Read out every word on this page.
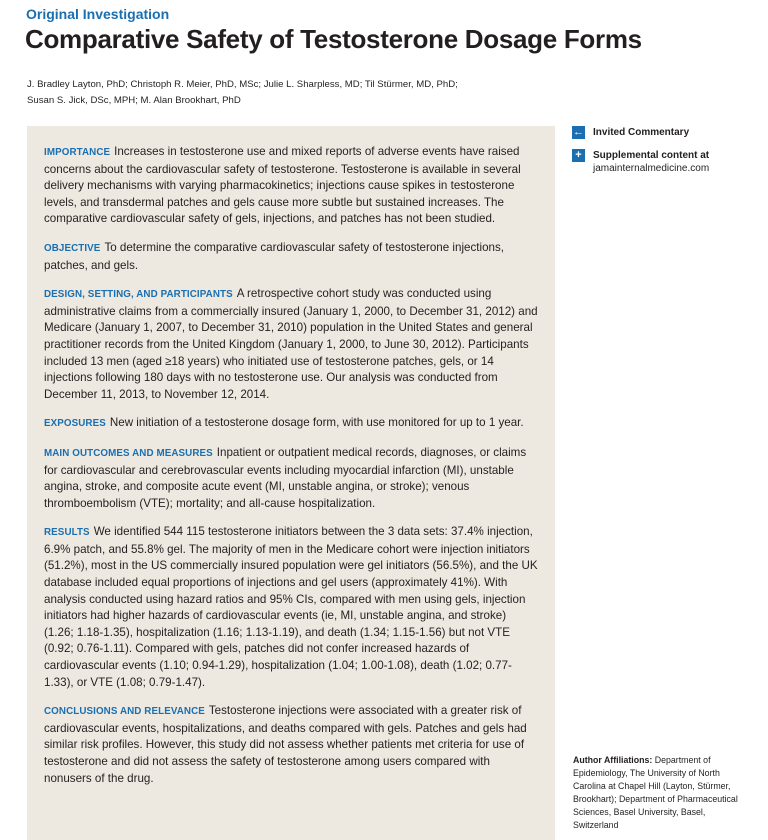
Original Investigation
Comparative Safety of Testosterone Dosage Forms
J. Bradley Layton, PhD; Christoph R. Meier, PhD, MSc; Julie L. Sharpless, MD; Til Stürmer, MD, PhD;
Susan S. Jick, DSc, MPH; M. Alan Brookhart, PhD

IMPORTANCE Increases in testosterone use and mixed reports of adverse events have raised concerns about the cardiovascular safety of testosterone. Testosterone is available in several delivery mechanisms with varying pharmacokinetics; injections cause spikes in testosterone levels, and transdermal patches and gels cause more subtle but sustained increases. The comparative cardiovascular safety of gels, injections, and patches has not been studied.

OBJECTIVE To determine the comparative cardiovascular safety of testosterone injections, patches, and gels.

DESIGN, SETTING, AND PARTICIPANTS A retrospective cohort study was conducted using administrative claims from a commercially insured (January 1, 2000, to December 31, 2012) and Medicare (January 1, 2007, to December 31, 2010) population in the United States and general practitioner records from the United Kingdom (January 1, 2000, to June 30, 2012). Participants included 13 men (aged ≥18 years) who initiated use of testosterone patches, gels, or 14 injections following 180 days with no testosterone use. Our analysis was conducted from December 11, 2013, to November 12, 2014.

EXPOSURES New initiation of a testosterone dosage form, with use monitored for up to 1 year.

MAIN OUTCOMES AND MEASURES Inpatient or outpatient medical records, diagnoses, or claims for cardiovascular and cerebrovascular events including myocardial infarction (MI), unstable angina, stroke, and composite acute event (MI, unstable angina, or stroke); venous thromboembolism (VTE); mortality; and all-cause hospitalization.

RESULTS We identified 544 115 testosterone initiators between the 3 data sets: 37.4% injection, 6.9% patch, and 55.8% gel. The majority of men in the Medicare cohort were injection initiators (51.2%), most in the US commercially insured population were gel initiators (56.5%), and the UK database included equal proportions of injections and gel users (approximately 41%). With analysis conducted using hazard ratios and 95% CIs, compared with men using gels, injection initiators had higher hazards of cardiovascular events (ie, MI, unstable angina, and stroke) (1.26; 1.18-1.35), hospitalization (1.16; 1.13-1.19), and death (1.34; 1.15-1.56) but not VTE (0.92; 0.76-1.11). Compared with gels, patches did not confer increased hazards of cardiovascular events (1.10; 0.94-1.29), hospitalization (1.04; 1.00-1.08), death (1.02; 0.77-1.33), or VTE (1.08; 0.79-1.47).

CONCLUSIONS AND RELEVANCE Testosterone injections were associated with a greater risk of cardiovascular events, hospitalizations, and deaths compared with gels. Patches and gels had similar risk profiles. However, this study did not assess whether patients met criteria for use of testosterone and did not assess the safety of testosterone among users compared with nonusers of the drug.

← Invited Commentary
+	Supplemental content at
jamainternalmedicine.com
Author Affiliations: Department of Epidemiology, The University of North Carolina at Chapel Hill (Layton, Stürmer, Brookhart); Department of Pharmaceutical Sciences, Basel University, Basel, Switzerland
